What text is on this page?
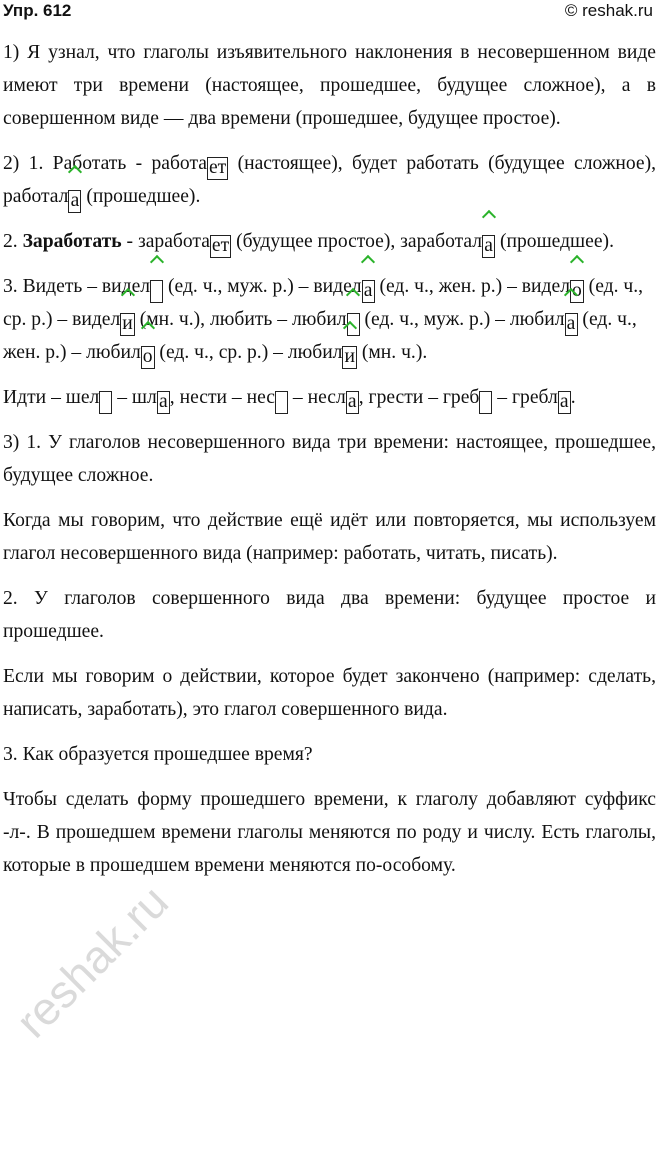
Упр. 612	© reshak.ru

1) Я узнал, что глаголы изъявительного наклонения в несовершенном виде имеют три времени (настоящее, прошедшее, будущее сложное), а в совершенном виде — два времени (прошедшее, будущее простое).

2) 1. Работать - работа ет (настоящее), будет работать (будущее сложное), работал а (прошедшее).

2. Заработать - заработа ет (будущее простое), заработал а (прошедшее).

3. Видеть – видел
(ед. ч., муж. р.) – видел а (ед. ч., жен. р.) – видел о (ед. ч., ср. р.) – видел и (мн. ч.), любить – любил
(ед. ч., муж. р.) – любил а (ед. ч., жен. р.) – любил о (ед. ч., ср. р.) – любил и (мн. ч.).

Идти – шел – шл а , нести – нес – несл а , грести – греб – гребл а .

3) 1. У глаголов несовершенного вида три времени: настоящее, прошедшее, будущее сложное.

Когда мы говорим, что действие ещё идёт или повторяется, мы используем глагол несовершенного вида (например: работать, читать, писать).

2. У глаголов совершенного вида два времени: будущее простое и прошедшее.

Если мы говорим о действии, которое будет закончено (например: сделать, написать, заработать), это глагол совершенного вида.

3. Как образуется прошедшее время?

Чтобы сделать форму прошедшего времени, к глаголу добавляют суффикс -л-. В прошедшем времени глаголы меняются по роду и числу. Есть глаголы, которые в прошедшем времени меняются по-особому.

reshak.ru
